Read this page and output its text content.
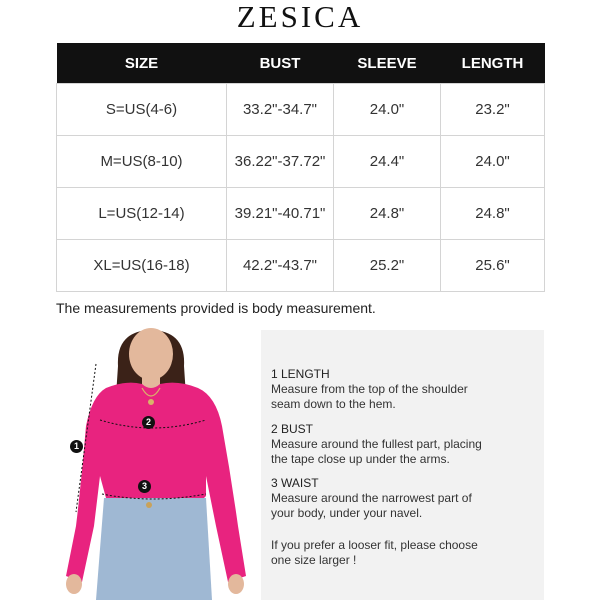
ZESICA
SIZE	BUST	SLEEVE	LENGTH
S=US(4-6)	33.2"-34.7"	24.0"	23.2"
M=US(8-10)	36.22"-37.72"	24.4"	24.0"
L=US(12-14)	39.21"-40.71"	24.8"	24.8"
XL=US(16-18)	42.2"-43.7"	25.2"	25.6"
The measurements provided is body measurement.
1
2
3
1 LENGTH
Measure from the top of the shoulder
seam down to the hem.
2 BUST
Measure around the fullest part, placing
the tape close up under the arms.
3 WAIST
Measure around the narrowest part of
your body, under your navel.
If you prefer a looser fit, please choose
one size larger !
